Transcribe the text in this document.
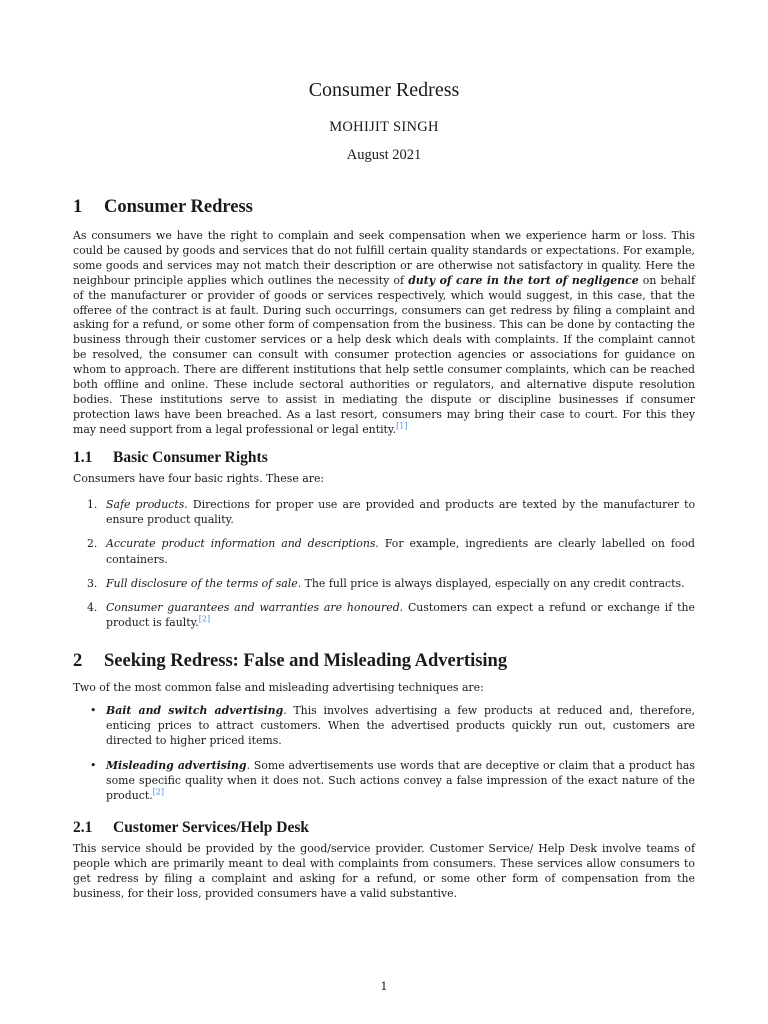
Consumer Redress
MOHIJIT SINGH
August 2021
1 Consumer Redress

As consumers we have the right to complain and seek compensation when we experience harm or loss. This could be caused by goods and services that do not fulfill certain quality standards or expectations. For example, some goods and services may not match their description or are otherwise not satisfactory in quality. Here the neighbour principle applies which outlines the necessity of duty of care in the tort of negligence on behalf of the manufacturer or provider of goods or services respectively, which would suggest, in this case, that the offeree of the contract is at fault. During such occurrings, consumers can get redress by filing a complaint and asking for a refund, or some other form of compensation from the business. This can be done by contacting the business through their customer services or a help desk which deals with complaints. If the complaint cannot be resolved, the consumer can consult with consumer protection agencies or associations for guidance on whom to approach. There are different institutions that help settle consumer complaints, which can be reached both offline and online. These include sectoral authorities or regulators, and alternative dispute resolution bodies. These institutions serve to assist in mediating the dispute or discipline businesses if consumer protection laws have been breached. As a last resort, consumers may bring their case to court. For this they may need support from a legal professional or legal entity.[1]

1.1 Basic Consumer Rights

Consumers have four basic rights. These are:

1. Safe products. Directions for proper use are provided and products are texted by the manufacturer to ensure product quality.
2. Accurate product information and descriptions. For example, ingredients are clearly labelled on food containers.
3. Full disclosure of the terms of sale. The full price is always displayed, especially on any credit contracts.
4. Consumer guarantees and warranties are honoured. Customers can expect a refund or exchange if the product is faulty.[2]
2 Seeking Redress: False and Misleading Advertising

Two of the most common false and misleading advertising techniques are:

• Bait and switch advertising. This involves advertising a few products at reduced and, therefore, enticing prices to attract customers. When the advertised products quickly run out, customers are directed to higher priced items.
• Misleading advertising. Some advertisements use words that are deceptive or claim that a product has some specific quality when it does not. Such actions convey a false impression of the exact nature of the product.[2]
2.1 Customer Services/Help Desk

This service should be provided by the good/service provider. Customer Service/ Help Desk involve teams of people which are primarily meant to deal with complaints from consumers. These services allow consumers to get redress by filing a complaint and asking for a refund, or some other form of compensation from the business, for their loss, provided consumers have a valid substantive.

1
